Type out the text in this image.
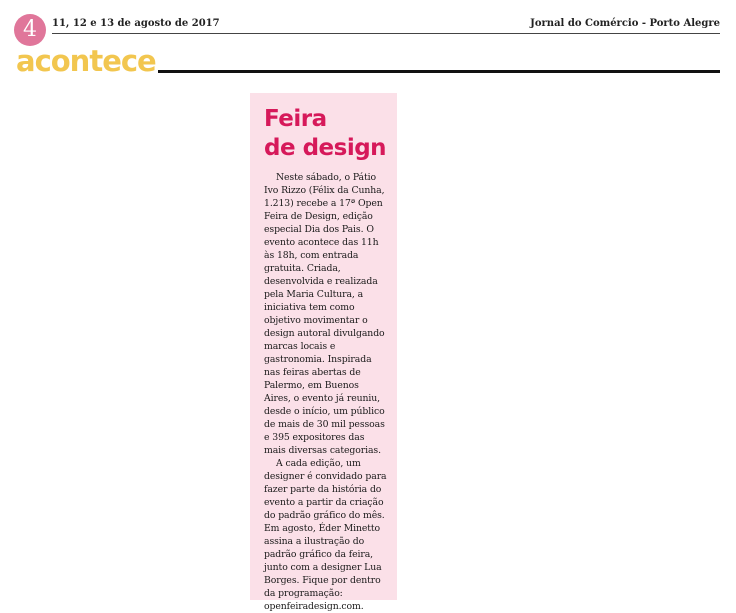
4	11, 12 e 13 de agosto de 2017	Jornal do Comércio - Porto Alegre
acontece
Feira
de design

Neste sábado, o Pátio Ivo Rizzo (Félix da Cunha, 1.213) recebe a 17ª Open Feira de Design, edição especial Dia dos Pais. O evento acontece das 11h às 18h, com entrada gratuita. Criada, desenvolvida e realizada pela Maria Cultura, a iniciativa tem como objetivo movimentar o design autoral divulgando marcas locais e gastronomia. Inspirada nas feiras abertas de Palermo, em Buenos Aires, o evento já reuniu, desde o início, um público de mais de 30 mil pessoas e 395 expositores das mais diversas categorias.

A cada edição, um designer é convidado para fazer parte da história do evento a partir da criação do padrão gráfico do mês. Em agosto, Éder Minetto assina a ilustração do padrão gráfico da feira, junto com a designer Lua Borges. Fique por dentro da programação: openfeiradesign.com.
